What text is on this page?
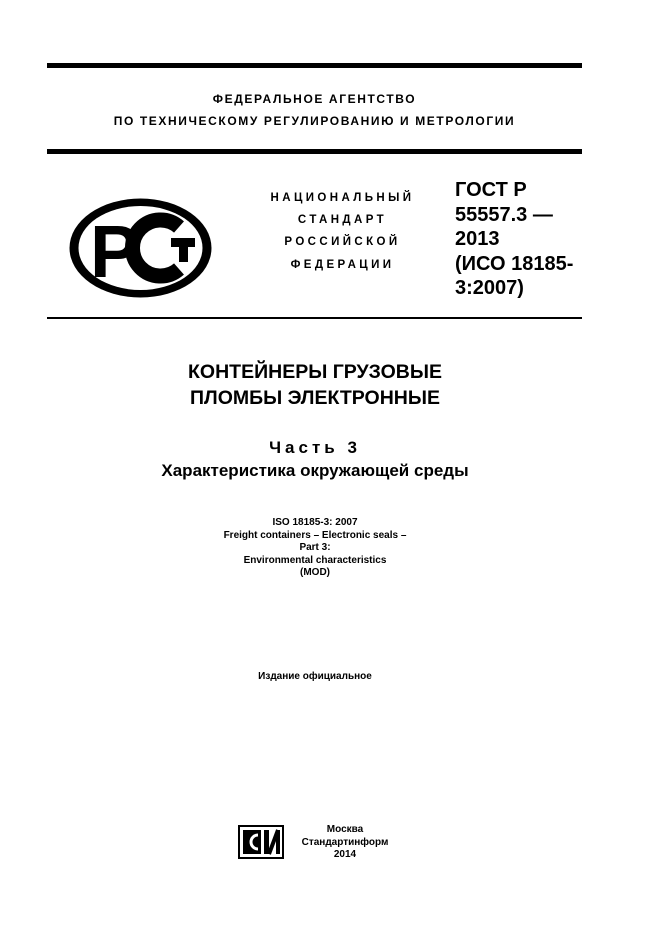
ФЕДЕРАЛЬНОЕ АГЕНТСТВО
ПО ТЕХНИЧЕСКОМУ РЕГУЛИРОВАНИЮ И МЕТРОЛОГИИ
P
НАЦИОНАЛЬНЫЙ
СТАНДАРТ
РОССИЙСКОЙ
ФЕДЕРАЦИИ
ГОСТ Р
55557.3 —
2013
(ИСО 18185-
3:2007)
КОНТЕЙНЕРЫ ГРУЗОВЫЕ
ПЛОМБЫ ЭЛЕКТРОННЫЕ
Часть 3
Характеристика окружающей среды
ISO 18185-3: 2007
Freight containers – Electronic seals –
Part 3:
Environmental characteristics
(MOD)
Издание официальное
Москва
Стандартинформ
2014
